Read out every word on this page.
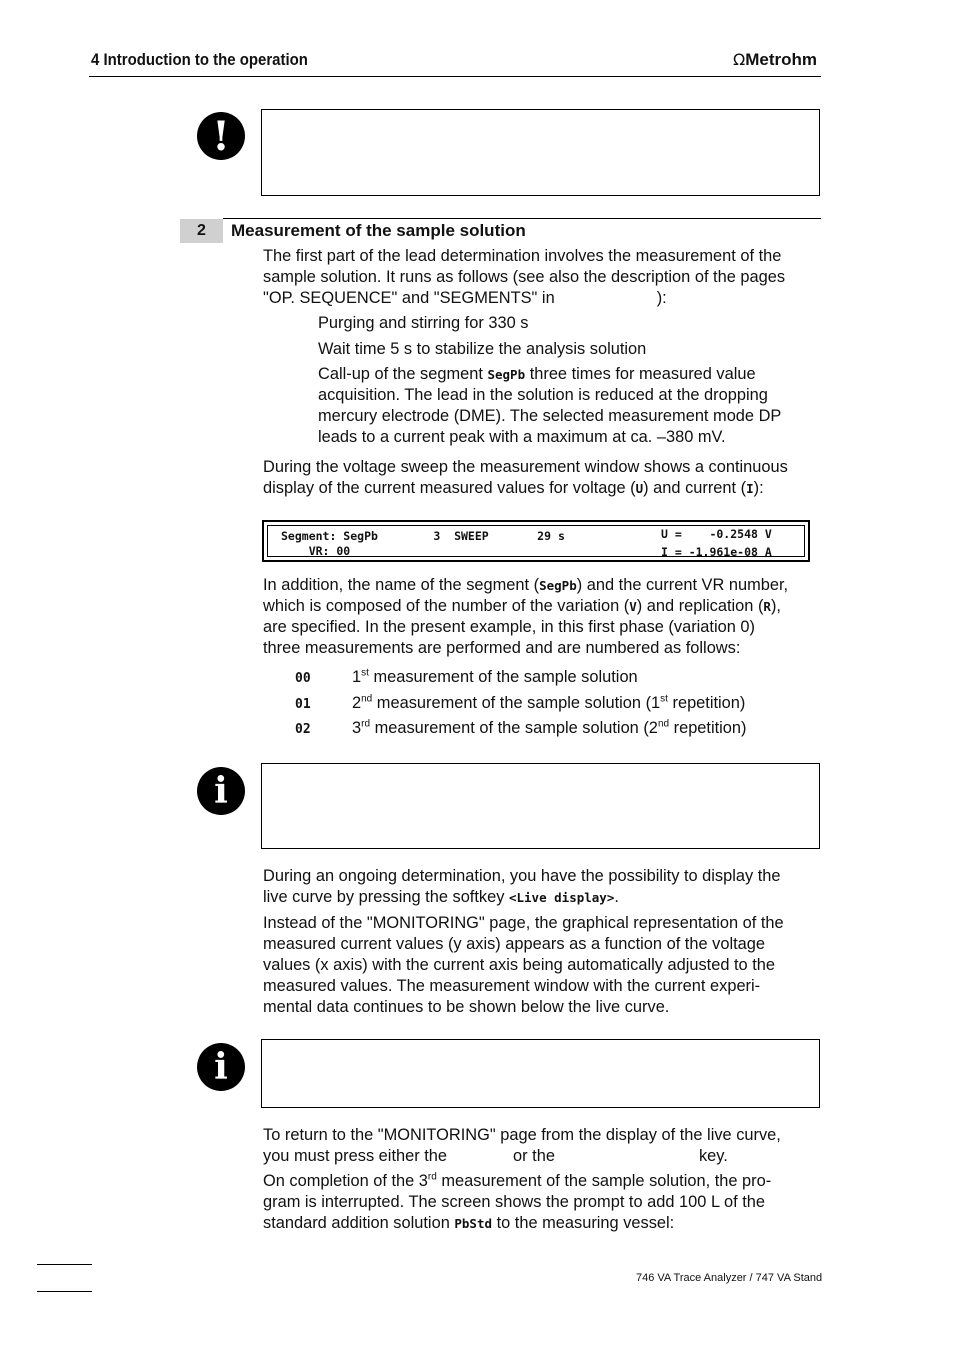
4 Introduction to the operation	ΩMetrohm
!
2	Measurement of the sample solution
The first part of the lead determination involves the measurement of the
sample solution. It runs as follows (see also the description of the pages
"OP. SEQUENCE" and "SEGMENTS" in	):
Purging and stirring for 330 s
Wait time 5 s to stabilize the analysis solution
Call-up of the segment SegPb three times for measured value
acquisition. The lead in the solution is reduced at the dropping
mercury electrode (DME). The selected measurement mode DP
leads to a current peak with a maximum at ca. –380 mV.
During the voltage sweep the measurement window shows a continuous
display of the current measured values for voltage (U) and current (I):
Segment: SegPb        3  SWEEP       29 s	U =    -0.2548 V
VR: 00	I = -1.961e-08 A
In addition, the name of the segment (SegPb) and the current VR number,
which is composed of the number of the variation (V) and replication (R),
are specified. In the present example, in this first phase (variation 0)
three measurements are performed and are numbered as follows:
00	1st measurement of the sample solution
01	2nd measurement of the sample solution (1st repetition)
02	3rd measurement of the sample solution (2nd repetition)
i
During an ongoing determination, you have the possibility to display the
live curve by pressing the softkey <Live display>.
Instead of the "MONITORING" page, the graphical representation of the
measured current values (y axis) appears as a function of the voltage
values (x axis) with the current axis being automatically adjusted to the
measured values. The measurement window with the current experi-
mental data continues to be shown below the live curve.
i
To return to the "MONITORING" page from the display of the live curve,
you must press either the	or the	key.
On completion of the 3rd measurement of the sample solution, the pro-
gram is interrupted. The screen shows the prompt to add 100 L of the
standard addition solution PbStd to the measuring vessel:
746 VA Trace Analyzer / 747 VA Stand
